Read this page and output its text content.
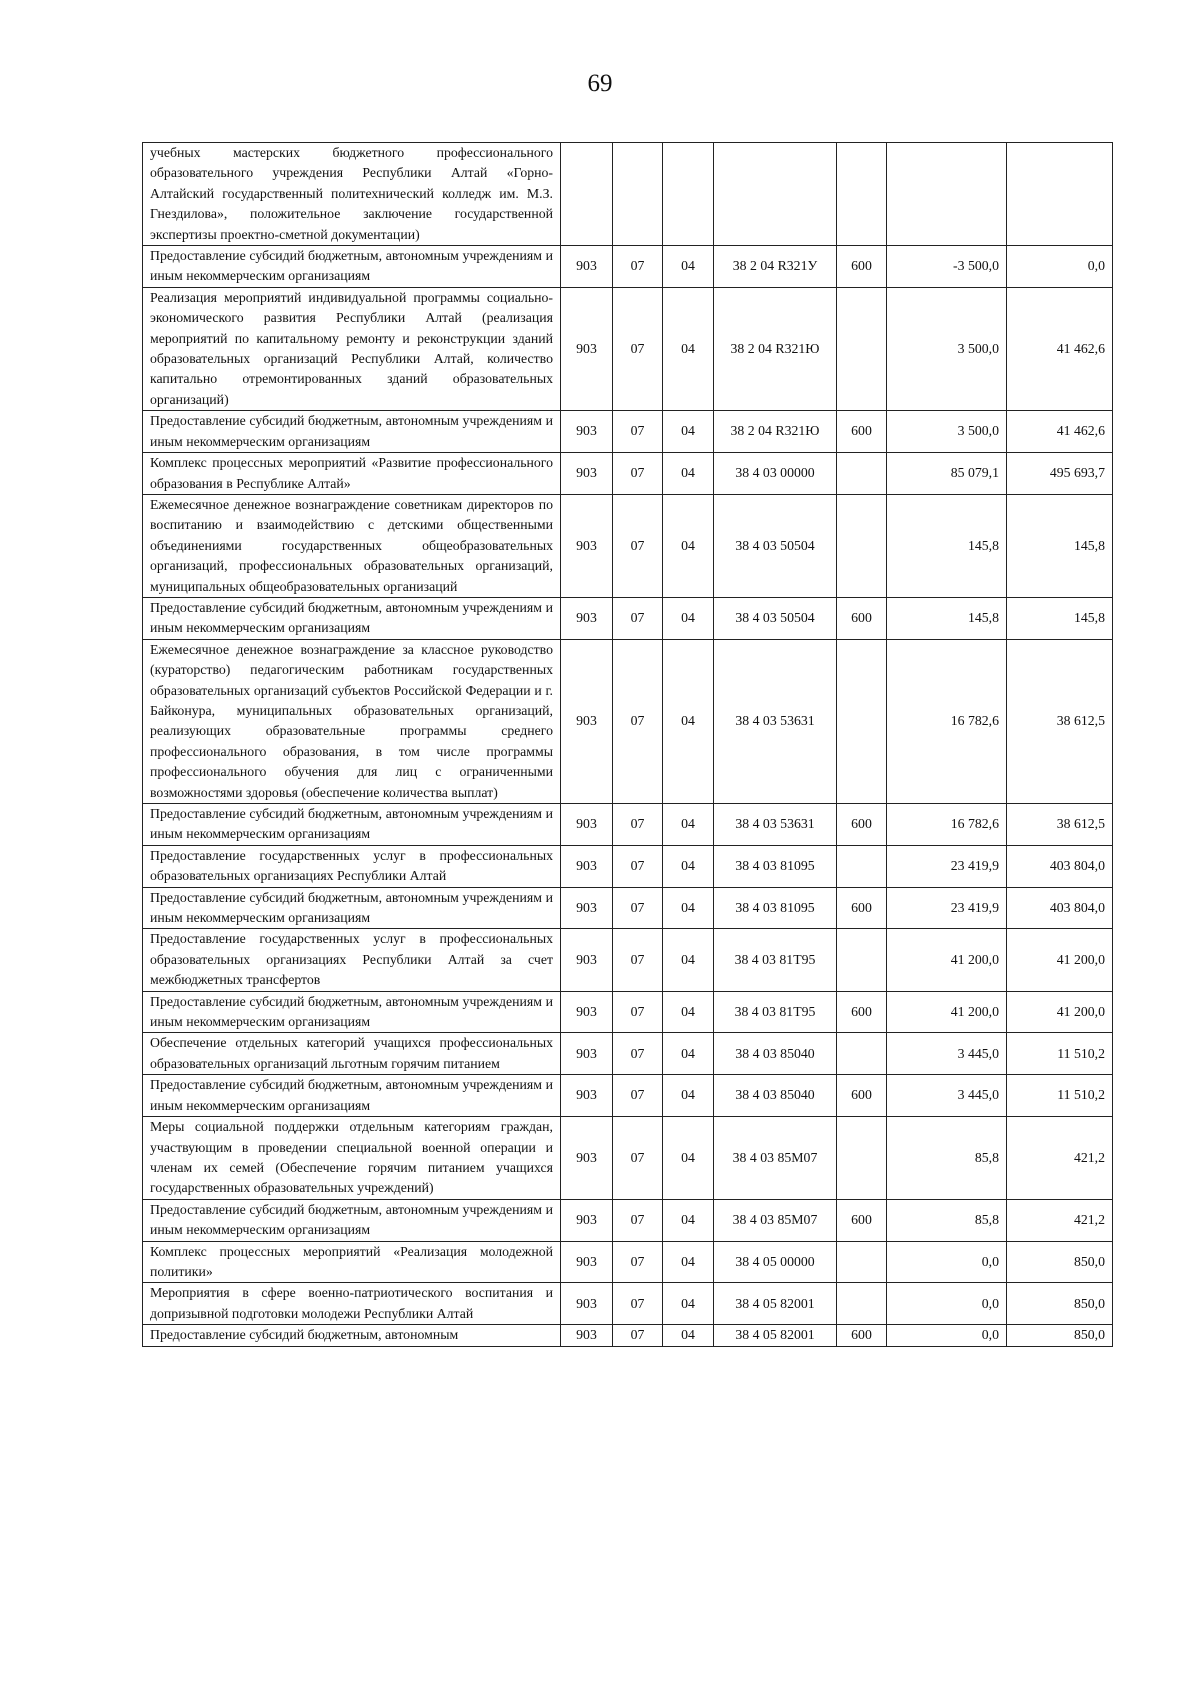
69
учебных мастерских бюджетного профессионального образовательного учреждения Республики Алтай «Горно-Алтайский государственный политехнический колледж им. М.З. Гнездилова», положительное заключение государственной экспертизы проектно-сметной документации)							
Предоставление субсидий бюджетным, автономным учреждениям и иным некоммерческим организациям	903	07	04	38 2 04 R321У	600	-3 500,0	0,0
Реализация мероприятий индивидуальной программы социально-экономического развития Республики Алтай (реализация мероприятий по капитальному ремонту и реконструкции зданий образовательных организаций Республики Алтай, количество капитально отремонтированных зданий образовательных организаций)	903	07	04	38 2 04 R321Ю		3 500,0	41 462,6
Предоставление субсидий бюджетным, автономным учреждениям и иным некоммерческим организациям	903	07	04	38 2 04 R321Ю	600	3 500,0	41 462,6
Комплекс процессных мероприятий «Развитие профессионального образования в Республике Алтай»	903	07	04	38 4 03 00000		85 079,1	495 693,7
Ежемесячное денежное вознаграждение советникам директоров по воспитанию и взаимодействию с детскими общественными объединениями государственных общеобразовательных организаций, профессиональных образовательных организаций, муниципальных общеобразовательных организаций	903	07	04	38 4 03 50504		145,8	145,8
Предоставление субсидий бюджетным, автономным учреждениям и иным некоммерческим организациям	903	07	04	38 4 03 50504	600	145,8	145,8
Ежемесячное денежное вознаграждение за классное руководство (кураторство) педагогическим работникам государственных образовательных организаций субъектов Российской Федерации и г. Байконура, муниципальных образовательных организаций, реализующих образовательные программы среднего профессионального образования, в том числе программы профессионального обучения для лиц с ограниченными возможностями здоровья (обеспечение количества выплат)	903	07	04	38 4 03 53631		16 782,6	38 612,5
Предоставление субсидий бюджетным, автономным учреждениям и иным некоммерческим организациям	903	07	04	38 4 03 53631	600	16 782,6	38 612,5
Предоставление государственных услуг в профессиональных образовательных организациях Республики Алтай	903	07	04	38 4 03 81095		23 419,9	403 804,0
Предоставление субсидий бюджетным, автономным учреждениям и иным некоммерческим организациям	903	07	04	38 4 03 81095	600	23 419,9	403 804,0
Предоставление государственных услуг в профессиональных образовательных организациях Республики Алтай за счет межбюджетных трансфертов	903	07	04	38 4 03 81Т95		41 200,0	41 200,0
Предоставление субсидий бюджетным, автономным учреждениям и иным некоммерческим организациям	903	07	04	38 4 03 81Т95	600	41 200,0	41 200,0
Обеспечение отдельных категорий учащихся профессиональных образовательных организаций льготным горячим питанием	903	07	04	38 4 03 85040		3 445,0	11 510,2
Предоставление субсидий бюджетным, автономным учреждениям и иным некоммерческим организациям	903	07	04	38 4 03 85040	600	3 445,0	11 510,2
Меры социальной поддержки отдельным категориям граждан, участвующим в проведении специальной военной операции и членам их семей (Обеспечение горячим питанием учащихся государственных образовательных учреждений)	903	07	04	38 4 03 85М07		85,8	421,2
Предоставление субсидий бюджетным, автономным учреждениям и иным некоммерческим организациям	903	07	04	38 4 03 85М07	600	85,8	421,2
Комплекс процессных мероприятий «Реализация молодежной политики»	903	07	04	38 4 05 00000		0,0	850,0
Мероприятия в сфере военно-патриотического воспитания и допризывной подготовки молодежи Республики Алтай	903	07	04	38 4 05 82001		0,0	850,0
Предоставление субсидий бюджетным, автономным	903	07	04	38 4 05 82001	600	0,0	850,0
